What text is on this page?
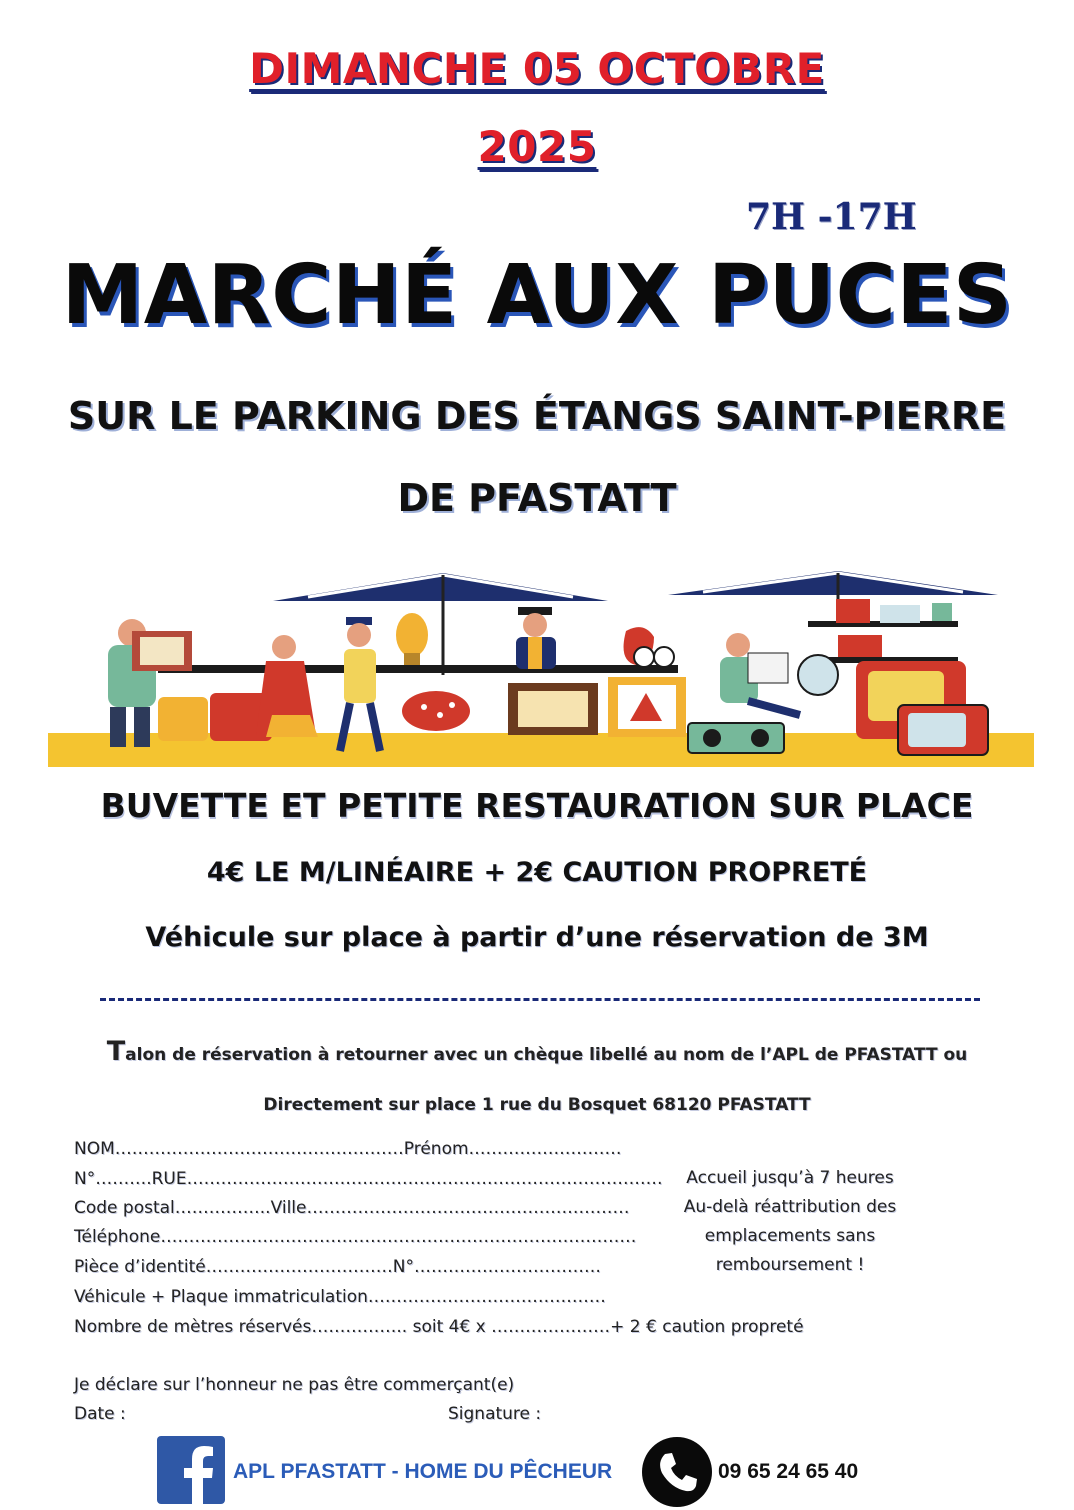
DIMANCHE 05 OCTOBRE
2025
7H -17H
MARCHÉ AUX PUCES
SUR LE PARKING DES ÉTANGS SAINT-PIERRE
DE PFASTATT
BUVETTE ET PETITE RESTAURATION SUR PLACE
4€ LE M/LINÉAIRE + 2€ CAUTION PROPRETÉ
Véhicule sur place à partir d’une réservation de 3M
Talon de réservation à retourner avec un chèque libellé au nom de l’APL de PFASTATT ou
Directement sur place 1 rue du Bosquet 68120 PFASTATT
NOM……………………………………………Prénom………………………
N°……….RUE…………………………………………………………………………
Code postal……………..Ville…………………………………………………
Téléphone…………………………………………………………………………
Pièce d’identité……………………………N°……………………………
Véhicule + Plaque immatriculation……………………………………
Nombre de mètres réservés…………….. soit 4€ x …………………+ 2 € caution propreté
Accueil jusqu’à 7 heures
Au-delà réattribution des
emplacements sans
remboursement !
Je déclare sur l’honneur ne pas être commerçant(e)
Date :	Signature :
APL PFASTATT - HOME DU PÊCHEUR	09 65 24 65 40
